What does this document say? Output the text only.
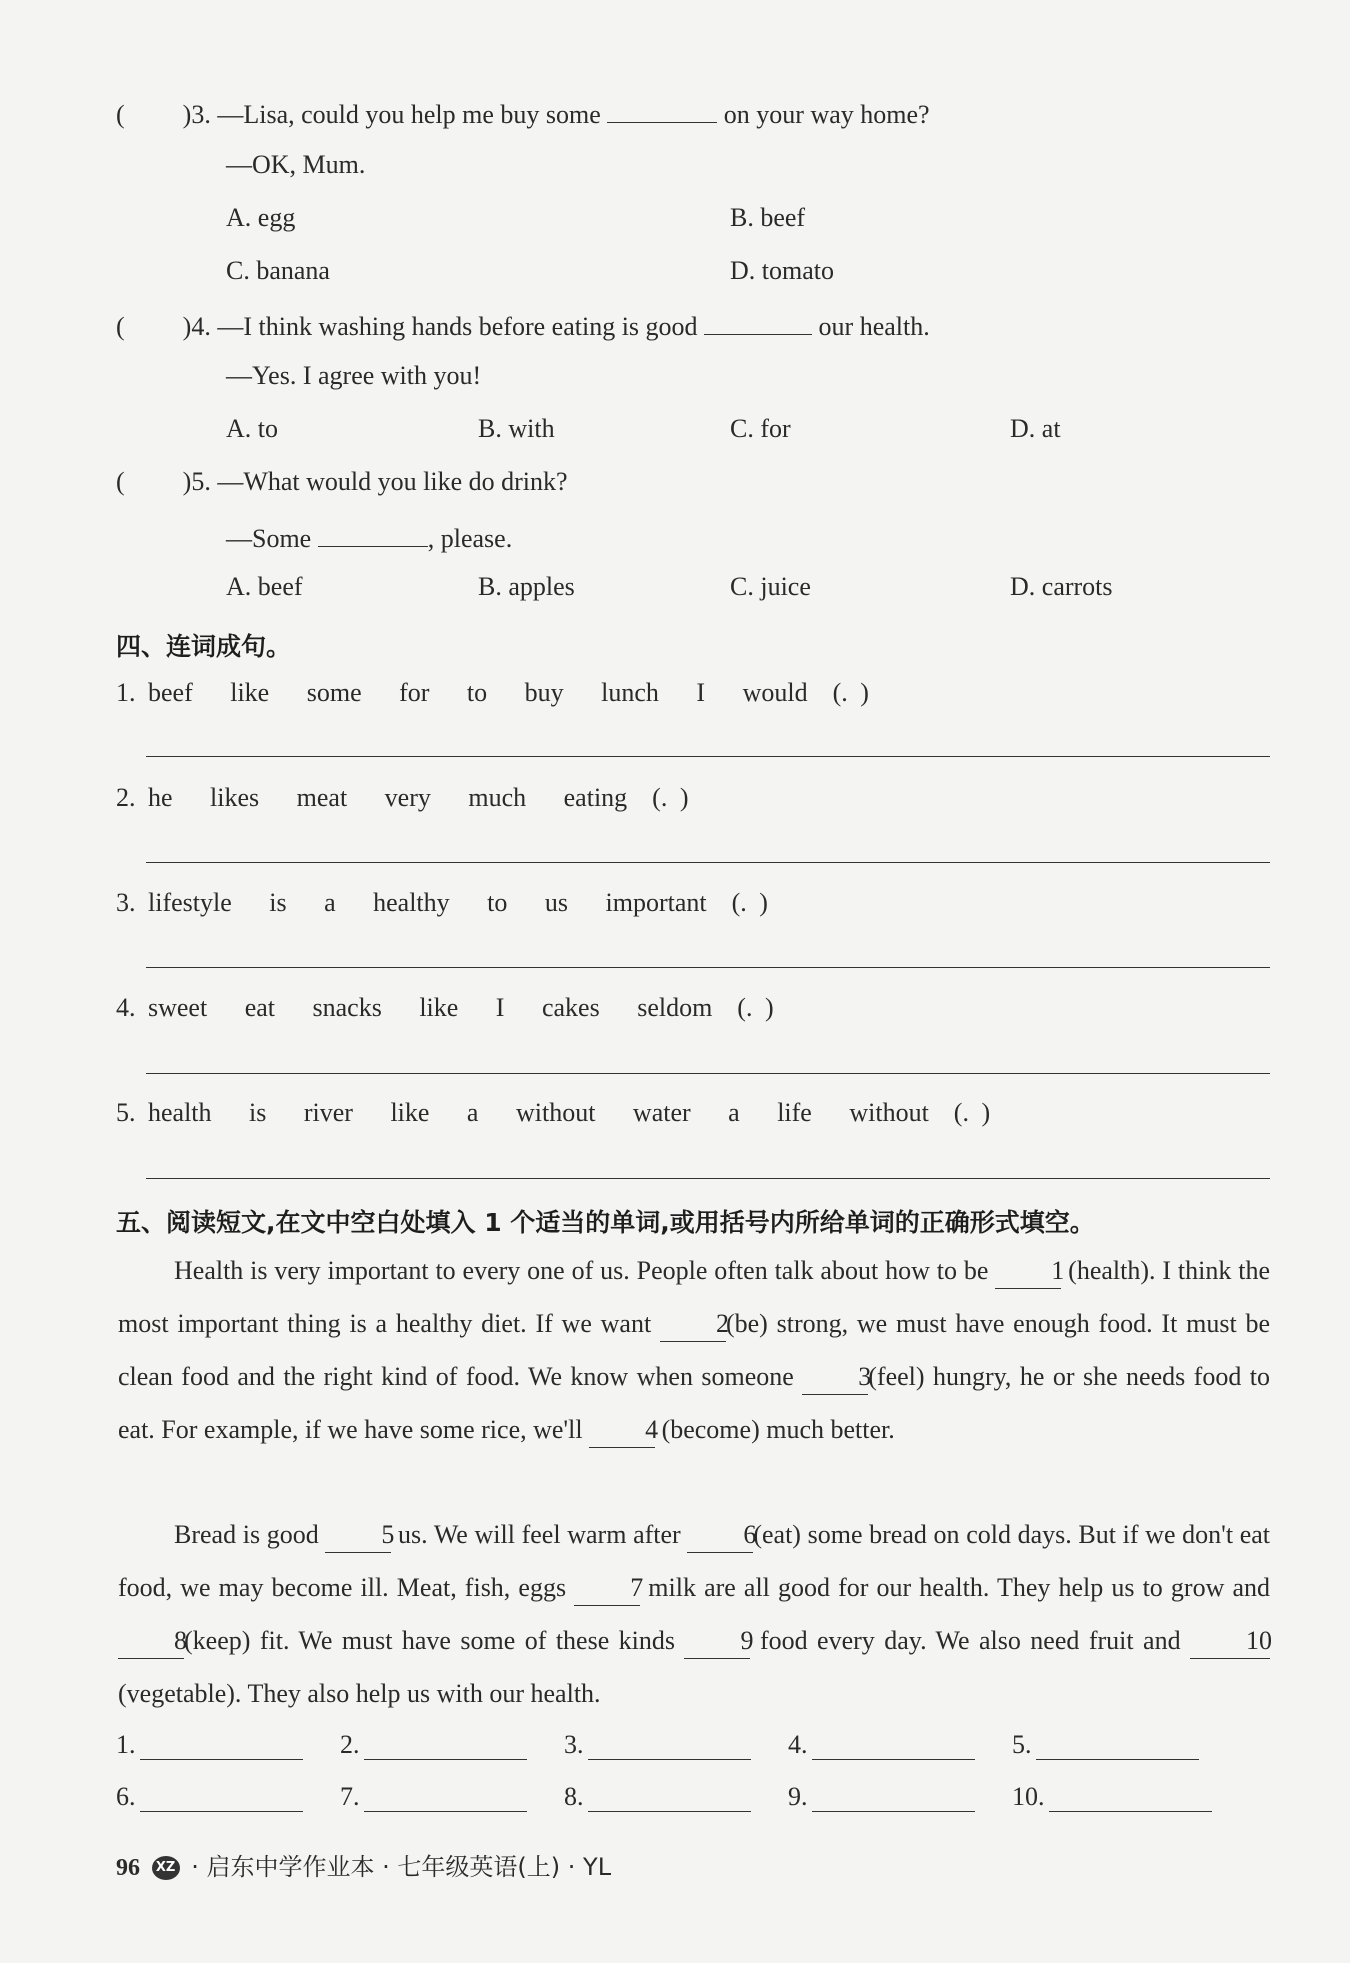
( )3. —Lisa, could you help me buy some	on your way home?
—OK, Mum.
A. egg	B. beef
C. banana	D. tomato
( )4. —I think washing hands before eating is good	our health.
—Yes. I agree with you!
A. to	B. with	C. for	D. at
( )5. —What would you like do drink?
—Some	, please.
A. beef	B. apples	C. juice	D. carrots
四、连词成句。
1. beef   like   some   for   to   buy   lunch   I   would  (. )
2. he   likes   meat   very   much   eating  (. )
3. lifestyle   is   a   healthy   to   us   important  (. )
4. sweet   eat   snacks   like   I   cakes   seldom  (. )
5. health   is   river   like   a   without   water   a   life   without  (. )
五、阅读短文,在文中空白处填入 1 个适当的单词,或用括号内所给单词的正确形式填空。
Health is very important to every one of us. People often talk about how to be 1 (health). I think the most important thing is a healthy diet. If we want 2(be) strong, we must have enough food. It must be clean food and the right kind of food. We know when someone 3(feel) hungry, he or she needs food to eat. For example, if we have some rice, we'll 4 (become) much better.
Bread is good 5 us. We will feel warm after 6(eat) some bread on cold days. But if we don't eat food, we may become ill. Meat, fish, eggs 7 milk are all good for our health. They help us to grow and 8(keep) fit. We must have some of these kinds	9 food every day. We also need fruit and	10(vegetable). They also help us with our health.
1.	2.	3.	4.	5.
6.	7.	8.	9.	10.
96 XZ · 启东中学作业本 · 七年级英语(上) · YL
